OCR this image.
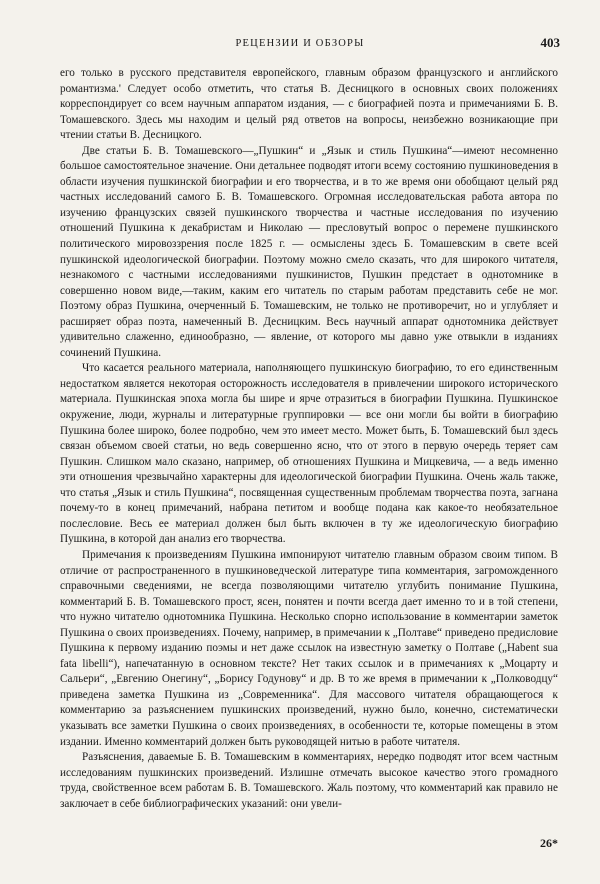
РЕЦЕНЗИИ И ОБЗОРЫ	403

его только в русского представителя европейского, главным образом французского и английского романтизма.' Следует особо отметить, что статья В. Десницкого в основных своих положениях корреспондирует со всем научным аппаратом издания, — с биографией поэта и примечаниями Б. В. Томашевского. Здесь мы находим и целый ряд ответов на вопросы, неизбежно возникающие при чтении статьи В. Десницкого.

Две статьи Б. В. Томашевского—„Пушкин“ и „Язык и стиль Пушкина“—имеют несомненно большое самостоятельное значение. Они детальнее подводят итоги всему состоянию пушкиноведения в области изучения пушкинской биографии и его творчества, и в то же время они обобщают целый ряд частных исследований самого Б. В. Томашевского. Огромная исследовательская работа автора по изучению французских связей пушкинского творчества и частные исследования по изучению отношений Пушкина к декабристам и Николаю — пресловутый вопрос о перемене пушкинского политического мировоззрения после 1825 г. — осмыслены здесь Б. Томашевским в свете всей пушкинской идеологической биографии. Поэтому можно смело сказать, что для широкого читателя, незнакомого с частными исследованиями пушкинистов, Пушкин предстает в однотомнике в совершенно новом виде,—таким, каким его читатель по старым работам представить себе не мог. Поэтому образ Пушкина, очерченный Б. Томашевским, не только не противоречит, но и углубляет и расширяет образ поэта, намеченный В. Десницким. Весь научный аппарат однотомника действует удивительно слаженно, единообразно, — явление, от которого мы давно уже отвыкли в изданиях сочинений Пушкина.

Что касается реального материала, наполняющего пушкинскую биографию, то его единственным недостатком является некоторая осторожность исследователя в привлечении широкого исторического материала. Пушкинская эпоха могла бы шире и ярче отразиться в биографии Пушкина. Пушкинское окружение, люди, журналы и литературные группировки — все они могли бы войти в биографию Пушкина более широко, более подробно, чем это имеет место. Может быть, Б. Томашевский был здесь связан объемом своей статьи, но ведь совершенно ясно, что от этого в первую очередь теряет сам Пушкин. Слишком мало сказано, например, об отношениях Пушкина и Мицкевича, — а ведь именно эти отношения чрезвычайно характерны для идеологической биографии Пушкина. Очень жаль также, что статья „Язык и стиль Пушкина“, посвященная существенным проблемам творчества поэта, загнана почему-то в конец примечаний, набрана петитом и вообще подана как какое-то необязательное послесловие. Весь ее материал должен был быть включен в ту же идеологическую биографию Пушкина, в которой дан анализ его творчества.

Примечания к произведениям Пушкина импонируют читателю главным образом своим типом. В отличие от распространенного в пушкиноведческой литературе типа комментария, загроможденного справочными сведениями, не всегда позволяющими читателю углубить понимание Пушкина, комментарий Б. В. Томашевского прост, ясен, понятен и почти всегда дает именно то и в той степени, что нужно читателю однотомника Пушкина. Несколько спорно использование в комментарии заметок Пушкина о своих произведениях. Почему, например, в примечании к „Полтаве“ приведено предисловие Пушкина к первому изданию поэмы и нет даже ссылок на известную заметку о Полтаве („Habent sua fata libelli“), напечатанную в основном тексте? Нет таких ссылок и в примечаниях к „Моцарту и Сальери“, „Евгению Онегину“, „Борису Годунову“ и др. В то же время в примечании к „Полководцу“ приведена заметка Пушкина из „Современника“. Для массового читателя обращающегося к комментарию за разъяснением пушкинских произведений, нужно было, конечно, систематически указывать все заметки Пушкина о своих произведениях, в особенности те, которые помещены в этом издании. Именно комментарий должен быть руководящей нитью в работе читателя.

Разъяснения, даваемые Б. В. Томашевским в комментариях, нередко подводят итог всем частным исследованиям пушкинских произведений. Излишне отмечать высокое качество этого громадного труда, свойственное всем работам Б. В. Томашевского. Жаль поэтому, что комментарий как правило не заключает в себе библиографических указаний: они увели-

26*
